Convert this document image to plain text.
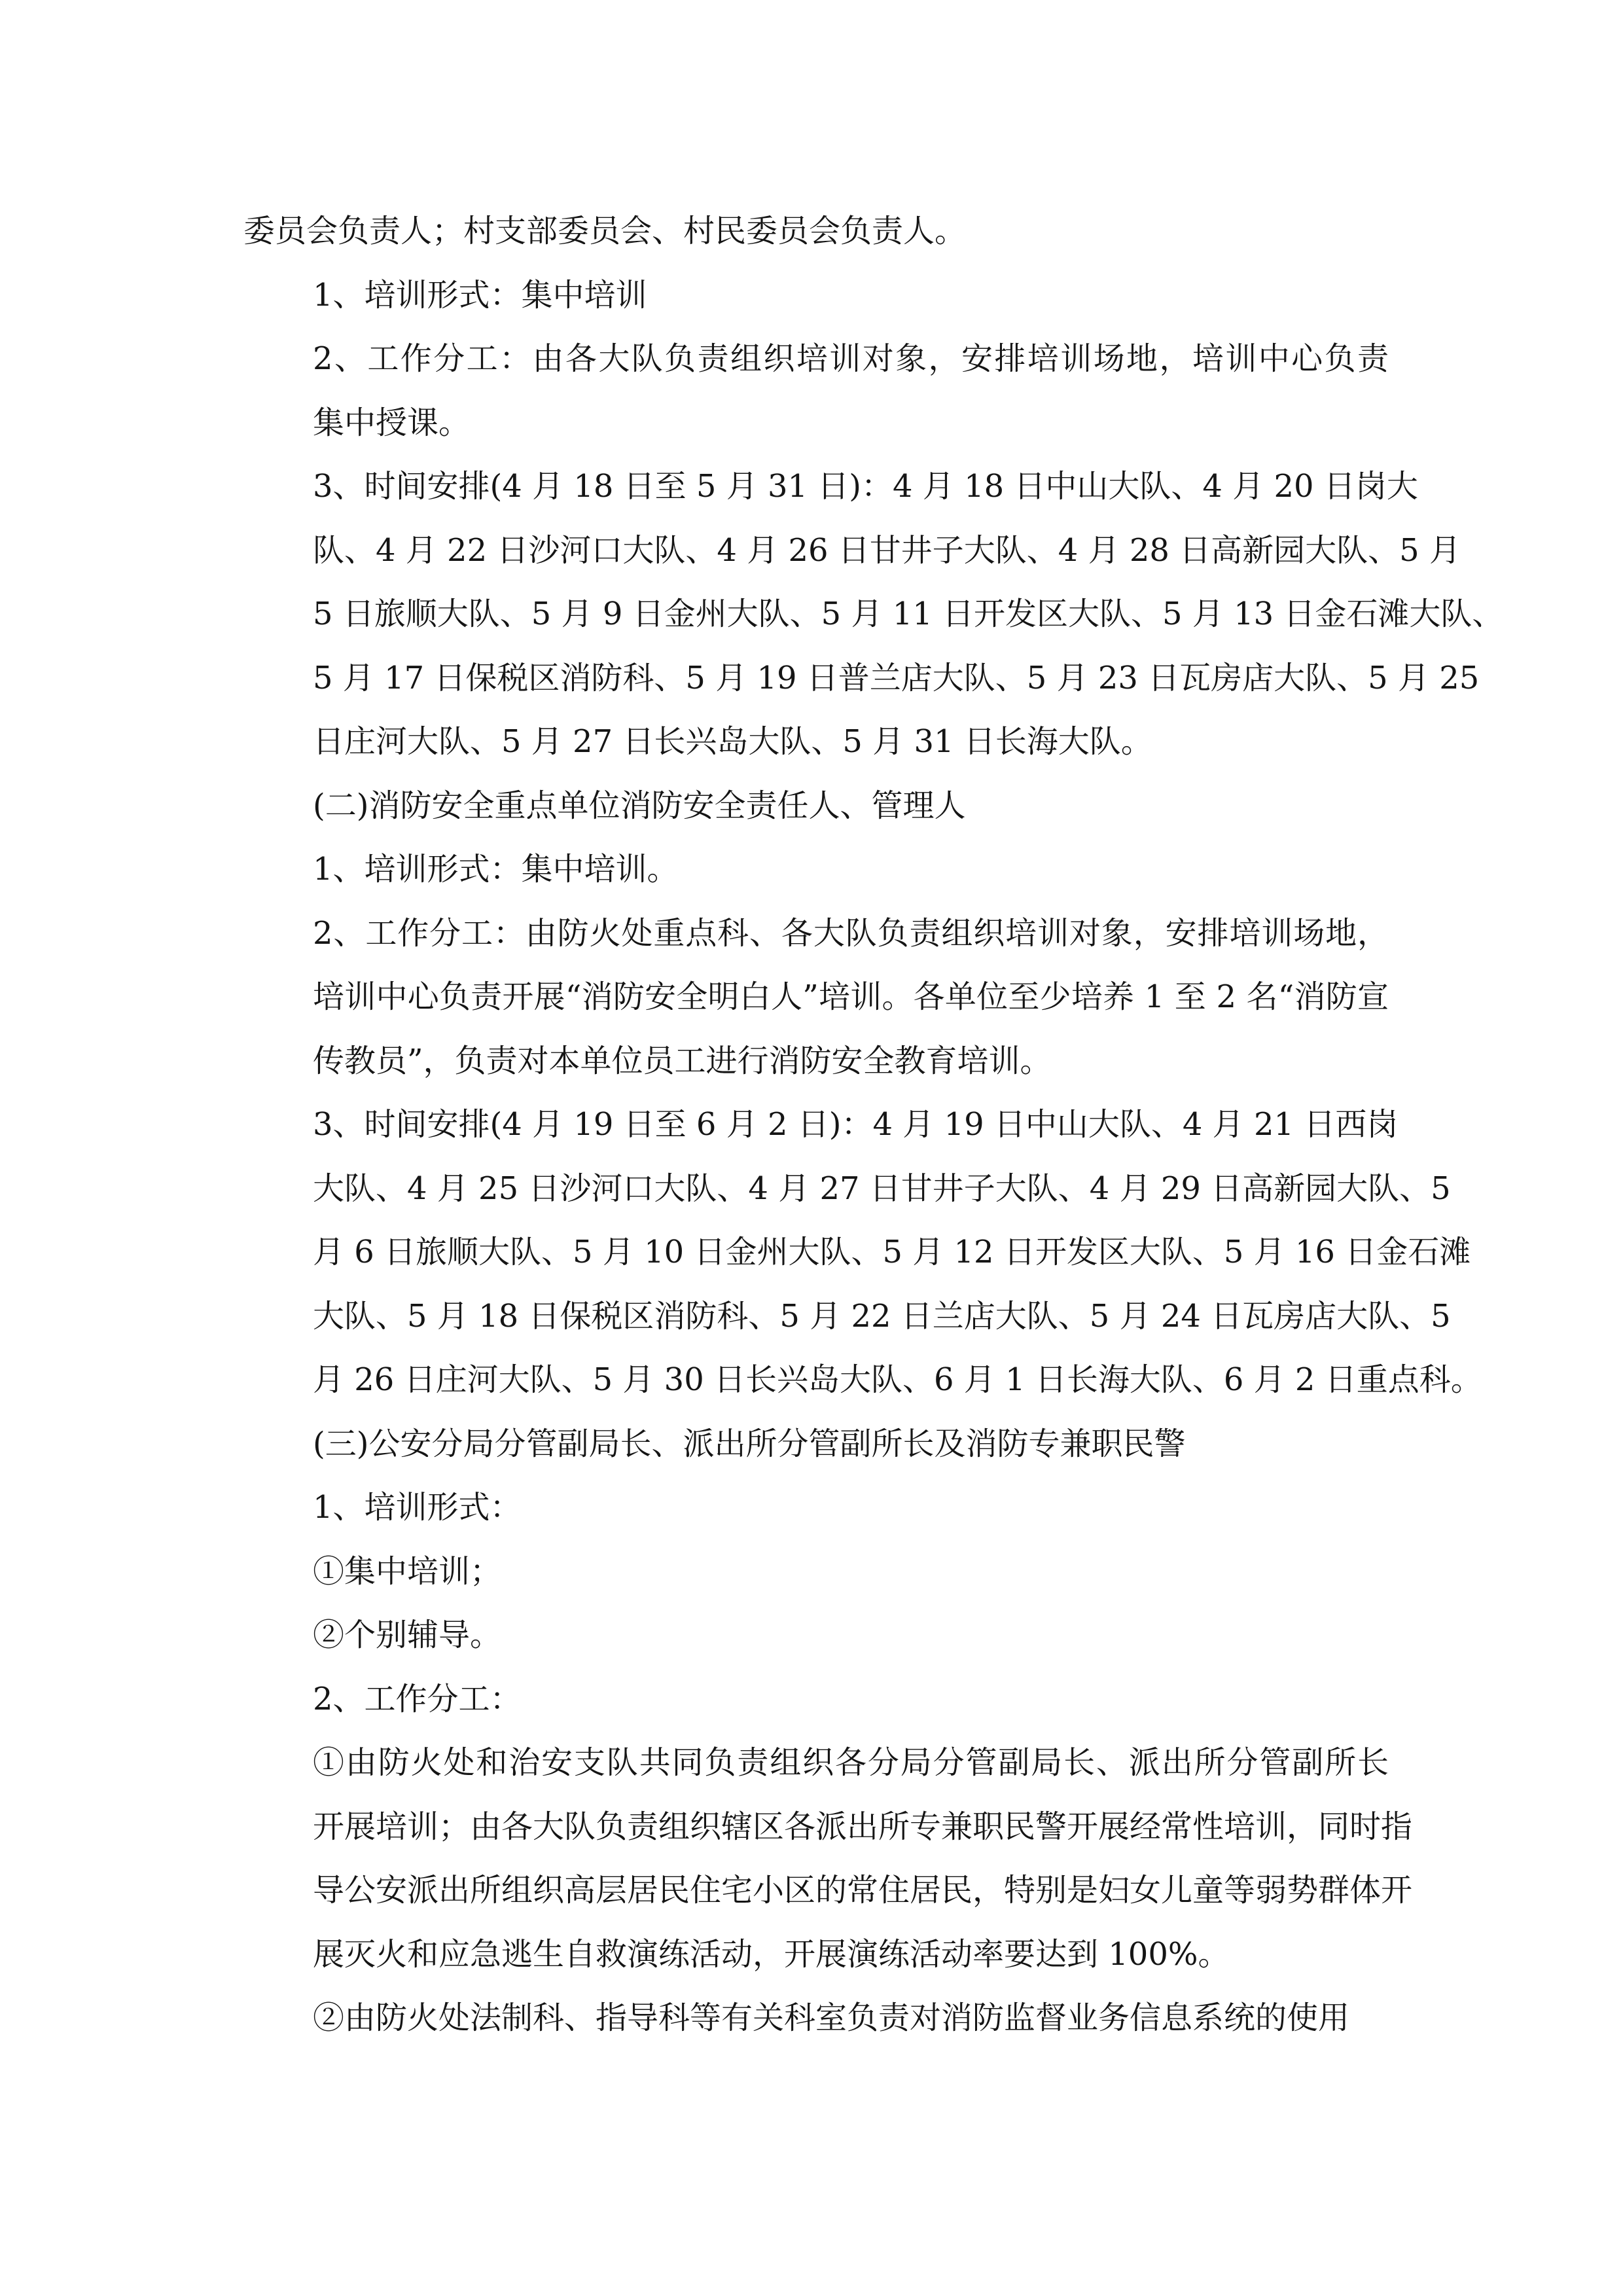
委员会负责人；村支部委员会、村民委员会负责人。

1、培训形式：集中培训

2、工作分工：由各大队负责组织培训对象，安排培训场地，培训中心负责
集中授课。

3、时间安排(4 月 18 日至 5 月 31 日)：4 月 18 日中山大队、4 月 20 日岗大
队、4 月 22 日沙河口大队、4 月 26 日甘井子大队、4 月 28 日高新园大队、5 月
5 日旅顺大队、5 月 9 日金州大队、5 月 11 日开发区大队、5 月 13 日金石滩大队、
5 月 17 日保税区消防科、5 月 19 日普兰店大队、5 月 23 日瓦房店大队、5 月 25
日庄河大队、5 月 27 日长兴岛大队、5 月 31 日长海大队。

(二)消防安全重点单位消防安全责任人、管理人

1、培训形式：集中培训。

2、工作分工：由防火处重点科、各大队负责组织培训对象，安排培训场地，
培训中心负责开展“消防安全明白人”培训。各单位至少培养 1 至 2 名“消防宣
传教员”，负责对本单位员工进行消防安全教育培训。

3、时间安排(4 月 19 日至 6 月 2 日)：4 月 19 日中山大队、4 月 21 日西岗
大队、4 月 25 日沙河口大队、4 月 27 日甘井子大队、4 月 29 日高新园大队、5
月 6 日旅顺大队、5 月 10 日金州大队、5 月 12 日开发区大队、5 月 16 日金石滩
大队、5 月 18 日保税区消防科、5 月 22 日兰店大队、5 月 24 日瓦房店大队、5
月 26 日庄河大队、5 月 30 日长兴岛大队、6 月 1 日长海大队、6 月 2 日重点科。

(三)公安分局分管副局长、派出所分管副所长及消防专兼职民警

1、培训形式：

①集中培训；

②个别辅导。

2、工作分工：

①由防火处和治安支队共同负责组织各分局分管副局长、派出所分管副所长
开展培训；由各大队负责组织辖区各派出所专兼职民警开展经常性培训，同时指
导公安派出所组织高层居民住宅小区的常住居民，特别是妇女儿童等弱势群体开
展灭火和应急逃生自救演练活动，开展演练活动率要达到 100%。

②由防火处法制科、指导科等有关科室负责对消防监督业务信息系统的使用
